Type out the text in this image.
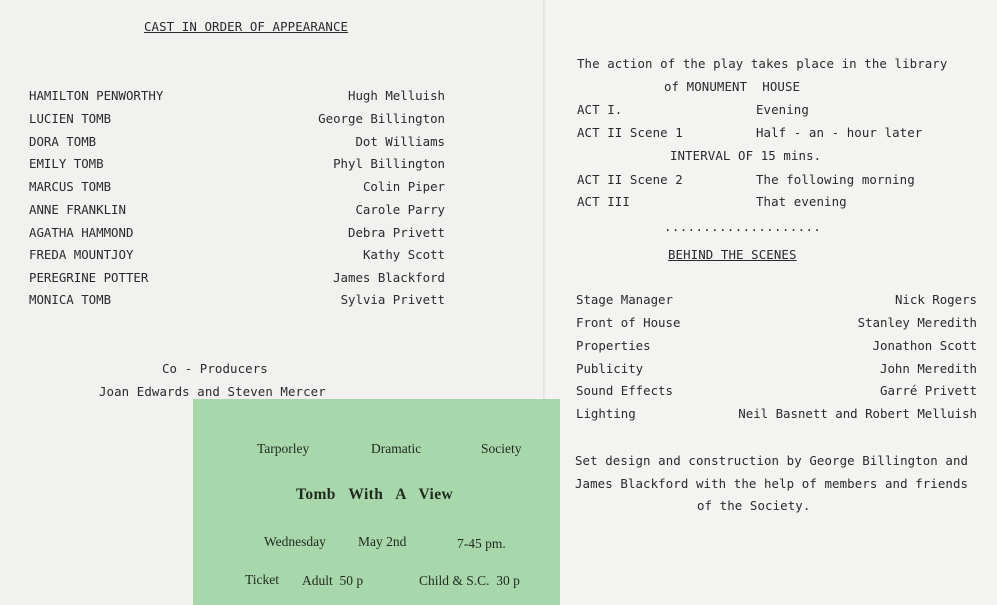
CAST IN ORDER OF APPEARANCE
HAMILTON PENWORTHY	Hugh Melluish
LUCIEN TOMB	George Billington
DORA TOMB	Dot Williams
EMILY TOMB	Phyl Billington
MARCUS TOMB	Colin Piper
ANNE FRANKLIN	Carole Parry
AGATHA HAMMOND	Debra Privett
FREDA MOUNTJOY	Kathy Scott
PEREGRINE POTTER	James Blackford
MONICA TOMB	Sylvia Privett
Co - Producers
Joan Edwards and Steven Mercer
Tarporley	Dramatic	Society
Tomb   With   A   View
Wednesday May 2nd	7-45 pm.
Ticket Adult  50 p	Child & S.C.  30 p
The action of the play takes place in the library
of MONUMENT  HOUSE
ACT I.	Evening
ACT II Scene 1	Half - an - hour later
INTERVAL OF 15 mins.
ACT II Scene 2	The following morning
ACT III	That evening
....................
BEHIND THE SCENES
Stage Manager	Nick Rogers
Front of House	Stanley Meredith
Properties	Jonathon Scott
Publicity	John Meredith
Sound Effects	Garré Privett
Lighting	Neil Basnett and Robert Melluish
Set design and construction by George Billington and
James Blackford with the help of members and friends
of the Society.
